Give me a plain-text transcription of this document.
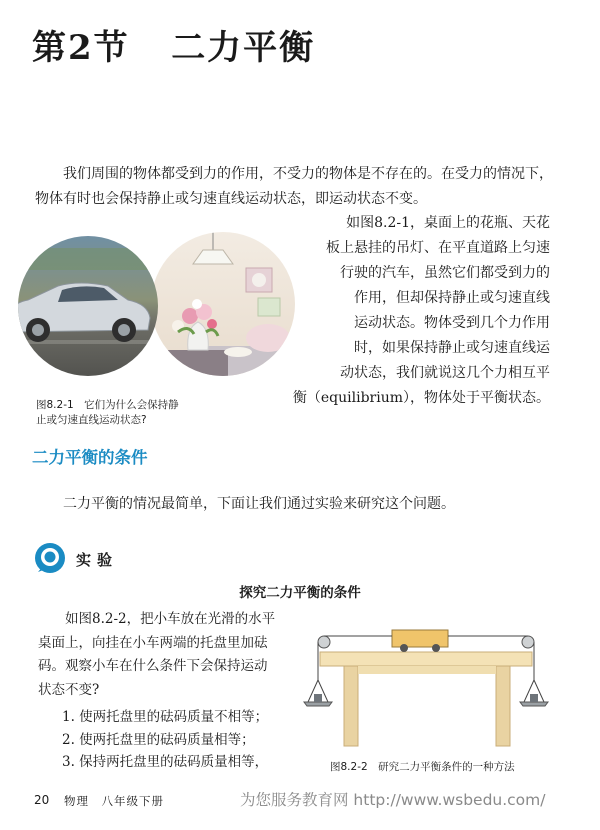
第2节 二力平衡
我们周围的物体都受到力的作用，不受力的物体是不存在的。在受力的情况下，物体有时也会保持静止或匀速直线运动状态，即运动状态不变。
图8.2-1　它们为什么会保持静
止或匀速直线运动状态?
如图8.2-1，桌面上的花瓶、天花
板上悬挂的吊灯、在平直道路上匀速
行驶的汽车，虽然它们都受到力的
作用，但却保持静止或匀速直线
运动状态。物体受到几个力作用
时，如果保持静止或匀速直线运
动状态，我们就说这几个力相互平
衡（equilibrium），物体处于平衡状态。
二力平衡的条件
二力平衡的情况最简单，下面让我们通过实验来研究这个问题。
实验
探究二力平衡的条件
如图8.2-2，把小车放在光滑的水平桌面上，向挂在小车两端的托盘里加砝码。观察小车在什么条件下会保持运动状态不变?
1. 使两托盘里的砝码质量不相等；
2. 使两托盘里的砝码质量相等；
3. 保持两托盘里的砝码质量相等，	图8.2-2　研究二力平衡条件的一种方法
20 物理　八年级下册	为您服务教育网 http://www.wsbedu.com/
